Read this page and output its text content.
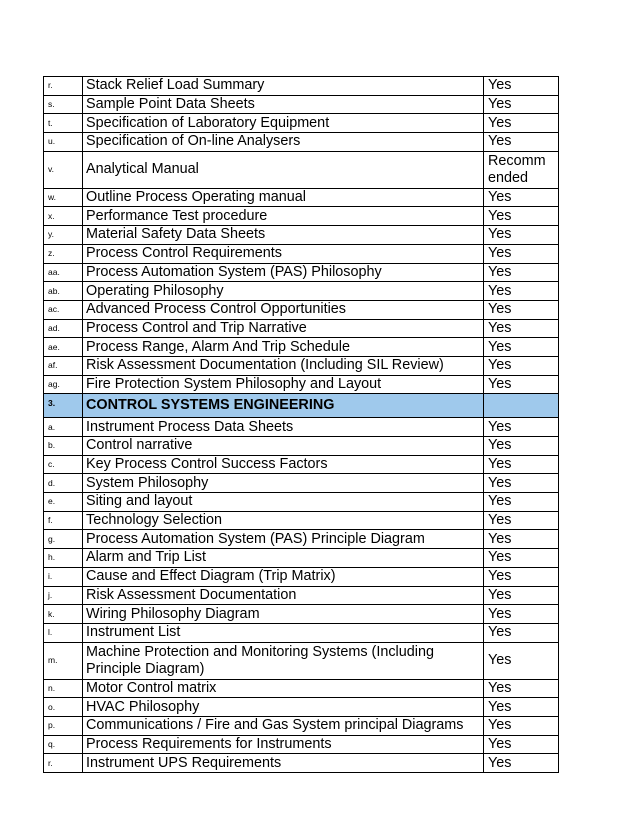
r.	Stack Relief Load Summary	Yes
s.	Sample Point Data Sheets	Yes
t.	Specification of Laboratory Equipment	Yes
u.	Specification of On-line Analysers	Yes
v.	Analytical Manual	Recomm ended
w.	Outline Process Operating manual	Yes
x.	Performance Test procedure	Yes
y.	Material Safety Data Sheets	Yes
z.	Process Control Requirements	Yes
aa.	Process Automation System (PAS) Philosophy	Yes
ab.	Operating Philosophy	Yes
ac.	Advanced Process Control Opportunities	Yes
ad.	Process Control and Trip Narrative	Yes
ae.	Process Range, Alarm And Trip Schedule	Yes
af.	Risk Assessment Documentation (Including SIL Review)	Yes
ag.	Fire Protection System Philosophy and Layout	Yes
3.	CONTROL SYSTEMS ENGINEERING	
a.	Instrument Process Data Sheets	Yes
b.	Control narrative	Yes
c.	Key Process Control Success Factors	Yes
d.	System Philosophy	Yes
e.	Siting and layout	Yes
f.	Technology Selection	Yes
g.	Process Automation System (PAS) Principle Diagram	Yes
h.	Alarm and Trip List	Yes
i.	Cause and Effect Diagram (Trip Matrix)	Yes
j.	Risk Assessment Documentation	Yes
k.	Wiring Philosophy Diagram	Yes
l.	Instrument List	Yes
m.	Machine Protection and Monitoring Systems (Including Principle Diagram)	Yes
n.	Motor Control matrix	Yes
o.	HVAC Philosophy	Yes
p.	Communications / Fire and Gas System principal Diagrams	Yes
q.	Process Requirements for Instruments	Yes
r.	Instrument UPS Requirements	Yes
